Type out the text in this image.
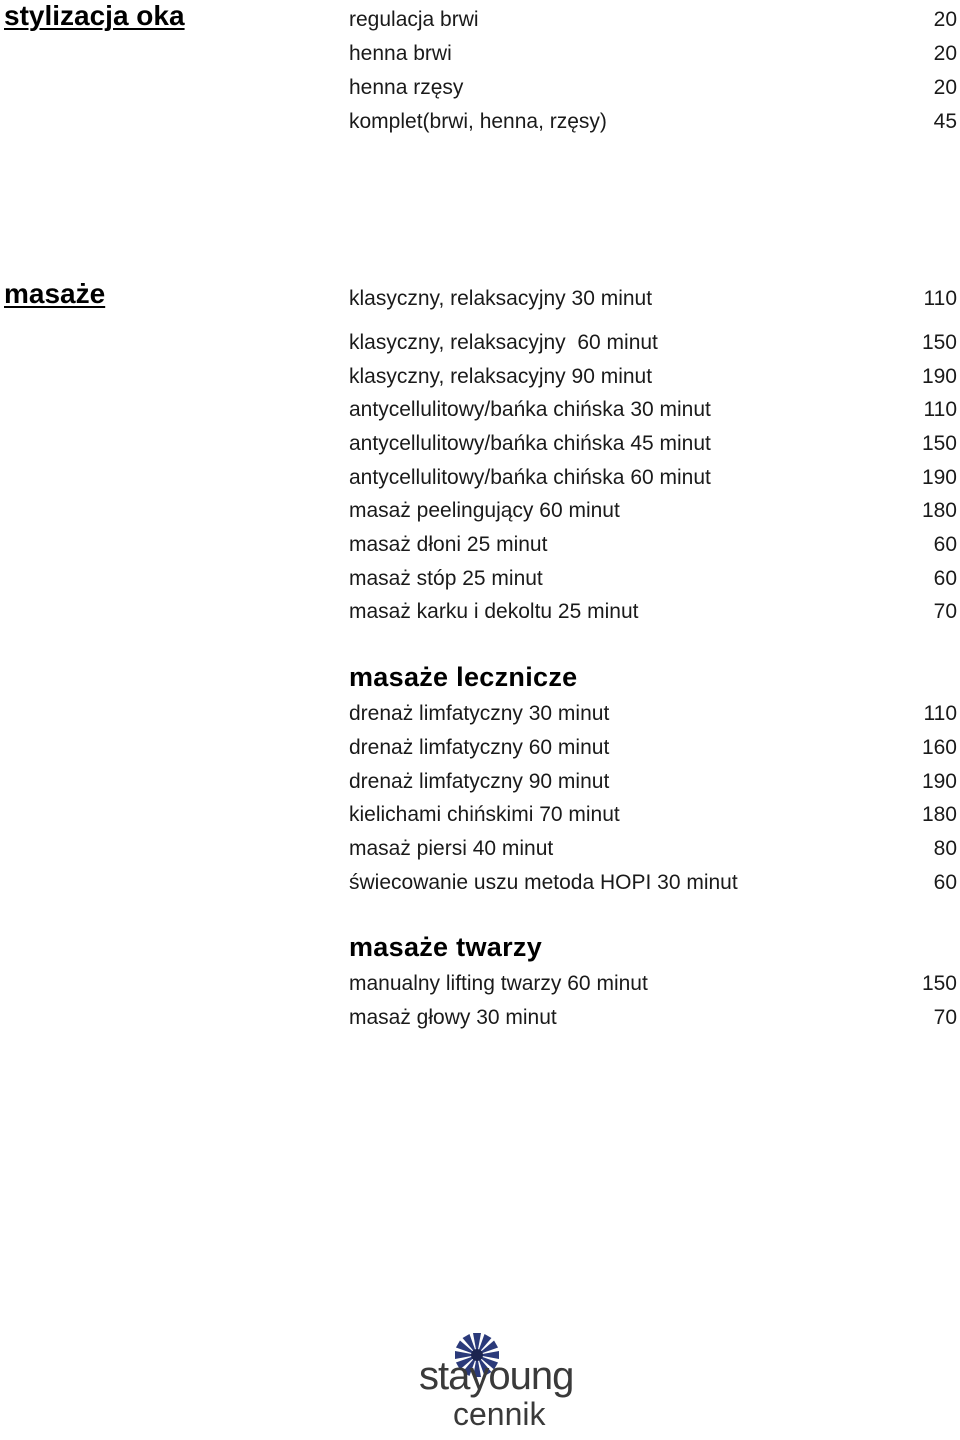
stylizacja oka	regulacja brwi	20
henna brwi	20
henna rzęsy	20
komplet(brwi, henna, rzęsy)	45
masaże	klasyczny, relaksacyjny 30 minut	110
klasyczny, relaksacyjny  60 minut	150
klasyczny, relaksacyjny 90 minut	190
antycellulitowy/bańka chińska 30 minut	110
antycellulitowy/bańka chińska 45 minut	150
antycellulitowy/bańka chińska 60 minut	190
masaż peelingujący 60 minut	180
masaż dłoni 25 minut	60
masaż stóp 25 minut	60
masaż karku i dekoltu 25 minut	70
masaże lecznicze
drenaż limfatyczny 30 minut	110
drenaż limfatyczny 60 minut	160
drenaż limfatyczny 90 minut	190
kielichami chińskimi 70 minut	180
masaż piersi 40 minut	80
świecowanie uszu metoda HOPI 30 minut	60
masaże twarzy
manualny lifting twarzy 60 minut	150
masaż głowy 30 minut	70
stayoung
cennik
